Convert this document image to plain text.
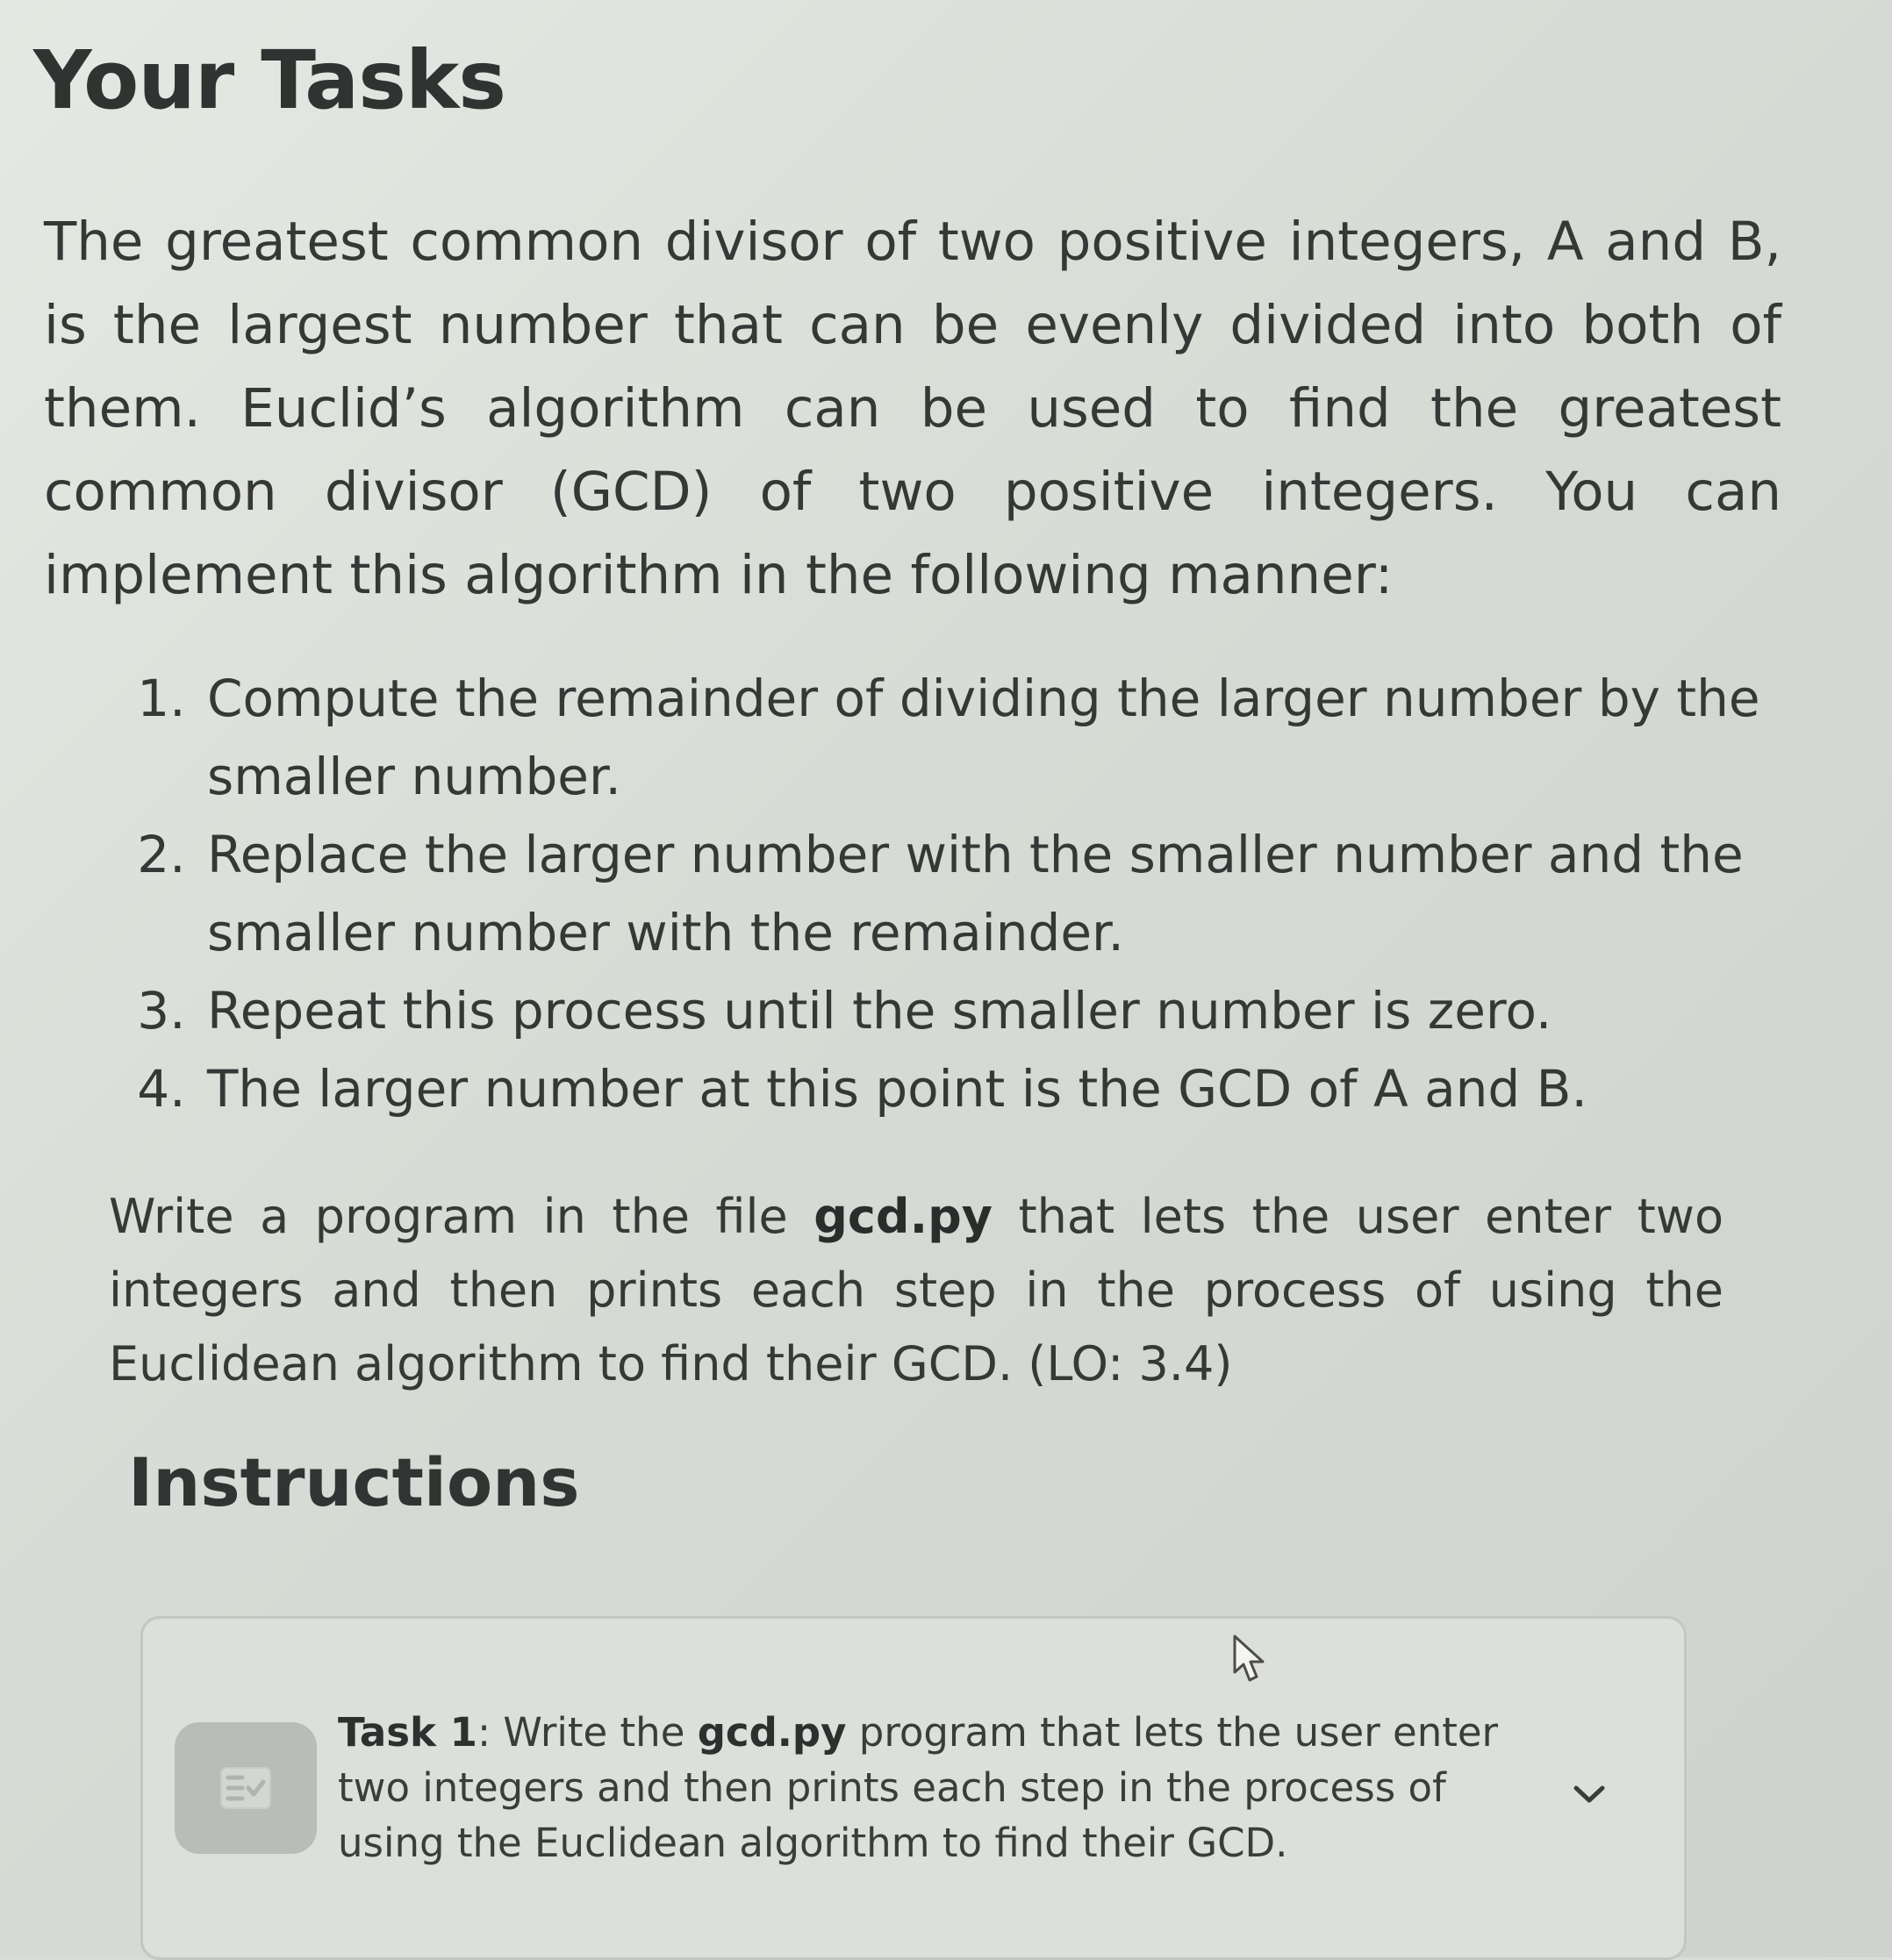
Your Tasks
The greatest common divisor of two positive integers, A and B, is the largest number that can be evenly divided into both of them. Euclid’s algorithm can be used to find the greatest common divisor (GCD) of two positive integers. You can implement this algorithm in the following manner:
1. Compute the remainder of dividing the larger number by the smaller number.
2. Replace the larger number with the smaller number and the smaller number with the remainder.
3. Repeat this process until the smaller number is zero.
4. The larger number at this point is the GCD of A and B.
Write a program in the file gcd.py that lets the user enter two integers and then prints each step in the process of using the Euclidean algorithm to find their GCD. (LO: 3.4)
Instructions
Task 1: Write the gcd.py program that lets the user enter two integers and then prints each step in the process of using the Euclidean algorithm to find their GCD.
